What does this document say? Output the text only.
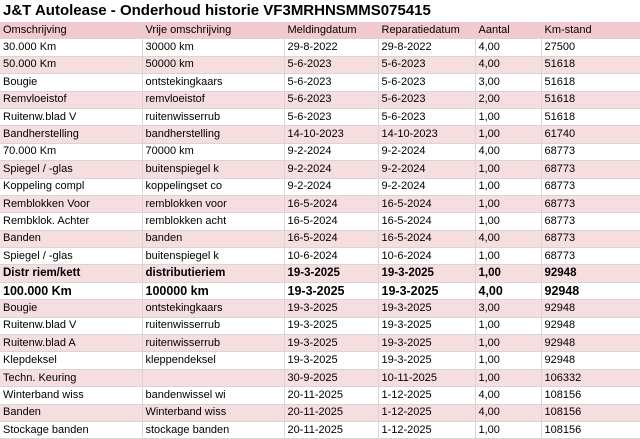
J&T Autolease - Onderhoud historie VF3MRHNSMMS075415
Omschrijving	Vrije omschrijving	Meldingdatum	Reparatiedatum	Aantal	Km-stand
30.000 Km	30000 km	29-8-2022	29-8-2022	4,00	27500
50.000 Km	50000 km	5-6-2023	5-6-2023	4,00	51618
Bougie	ontstekingkaars	5-6-2023	5-6-2023	3,00	51618
Remvloeistof	remvloeistof	5-6-2023	5-6-2023	2,00	51618
Ruitenw.blad V	ruitenwisserrub	5-6-2023	5-6-2023	1,00	51618
Bandherstelling	bandherstelling	14-10-2023	14-10-2023	1,00	61740
70.000 Km	70000 km	9-2-2024	9-2-2024	4,00	68773
Spiegel / -glas	buitenspiegel k	9-2-2024	9-2-2024	1,00	68773
Koppeling compl	koppelingset co	9-2-2024	9-2-2024	1,00	68773
Remblokken Voor	remblokken voor	16-5-2024	16-5-2024	1,00	68773
Rembklok. Achter	remblokken acht	16-5-2024	16-5-2024	1,00	68773
Banden	banden	16-5-2024	16-5-2024	4,00	68773
Spiegel / -glas	buitenspiegel k	10-6-2024	10-6-2024	1,00	68773
Distr riem/kett	distributieriem	19-3-2025	19-3-2025	1,00	92948
100.000 Km	100000 km	19-3-2025	19-3-2025	4,00	92948
Bougie	ontstekingkaars	19-3-2025	19-3-2025	3,00	92948
Ruitenw.blad V	ruitenwisserrub	19-3-2025	19-3-2025	1,00	92948
Ruitenw.blad A	ruitenwisserrub	19-3-2025	19-3-2025	1,00	92948
Klepdeksel	kleppendeksel	19-3-2025	19-3-2025	1,00	92948
Techn. Keuring		30-9-2025	10-11-2025	1,00	106332
Winterband wiss	bandenwissel wi	20-11-2025	1-12-2025	4,00	108156
Banden	Winterband wiss	20-11-2025	1-12-2025	4,00	108156
Stockage banden	stockage banden	20-11-2025	1-12-2025	1,00	108156
